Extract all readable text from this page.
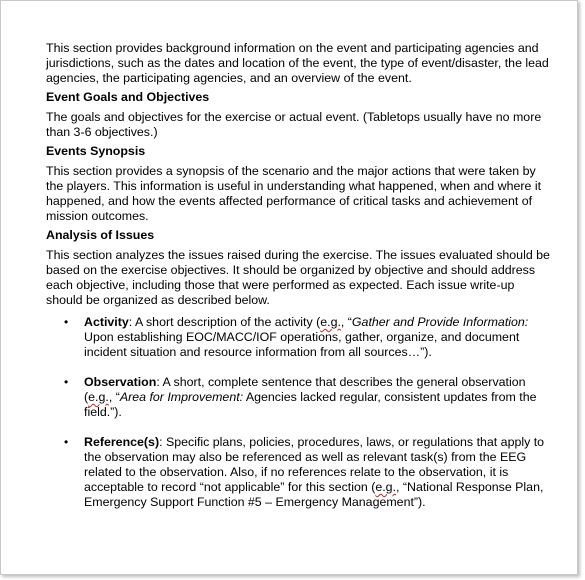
This section provides background information on the event and participating agencies and jurisdictions, such as the dates and location of the event, the type of event/disaster, the lead agencies, the participating agencies, and an overview of the event.

Event Goals and Objectives

The goals and objectives for the exercise or actual event. (Tabletops usually have no more than 3-6 objectives.)

Events Synopsis

This section provides a synopsis of the scenario and the major actions that were taken by the players. This information is useful in understanding what happened, when and where it happened, and how the events affected performance of critical tasks and achievement of mission outcomes.

Analysis of Issues

This section analyzes the issues raised during the exercise. The issues evaluated should be based on the exercise objectives. It should be organized by objective and should address each objective, including those that were performed as expected. Each issue write-up should be organized as described below.

• Activity: A short description of the activity (e.g., “Gather and Provide Information: Upon establishing EOC/MACC/IOF operations, gather, organize, and document incident situation and resource information from all sources…”).
• Observation: A short, complete sentence that describes the general observation (e.g., “Area for Improvement: Agencies lacked regular, consistent updates from the field.”).
• Reference(s): Specific plans, policies, procedures, laws, or regulations that apply to the observation may also be referenced as well as relevant task(s) from the EEG related to the observation. Also, if no references relate to the observation, it is acceptable to record “not applicable” for this section (e.g., “National Response Plan, Emergency Support Function #5 – Emergency Management”).
